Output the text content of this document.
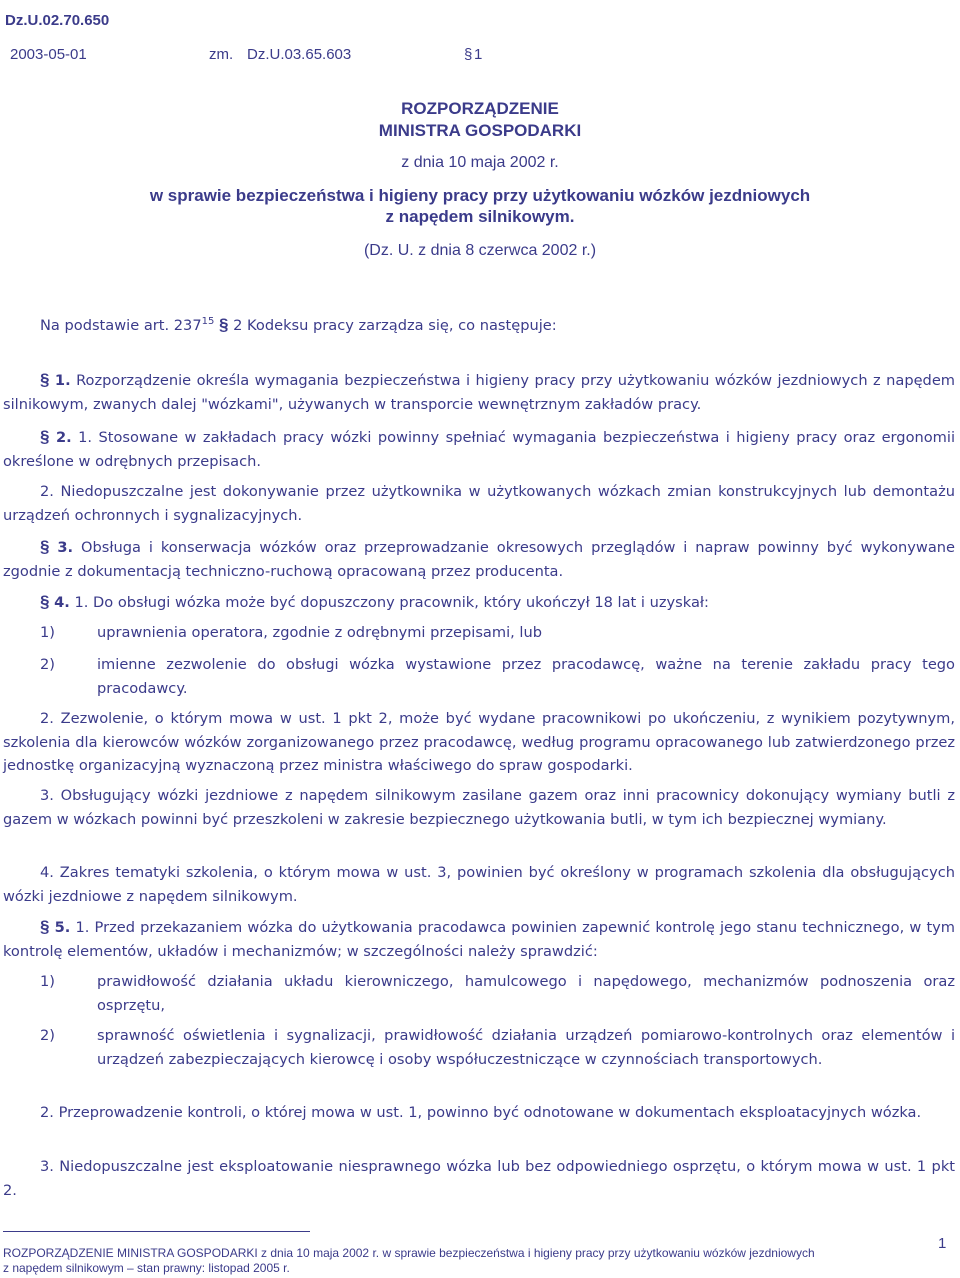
Dz.U.02.70.650
2003-05-01	zm. Dz.U.03.65.603	§ 1
ROZPORZĄDZENIE
MINISTRA GOSPODARKI
z dnia 10 maja 2002 r.
w sprawie bezpieczeństwa i higieny pracy przy użytkowaniu wózków jezdniowych
z napędem silnikowym.
(Dz. U. z dnia 8 czerwca 2002 r.)

Na podstawie art. $237^{15}$ § 2 Kodeksu pracy zarządza się, co następuje:

§ 1. Rozporządzenie określa wymagania bezpieczeństwa i higieny pracy przy użytkowaniu wózków jezdniowych z napędem silnikowym, zwanych dalej "wózkami", używanych w transporcie wewnętrznym zakładów pracy.

§ 2. 1. Stosowane w zakładach pracy wózki powinny spełniać wymagania bezpieczeństwa i higieny pracy oraz ergonomii określone w odrębnych przepisach.

2. Niedopuszczalne jest dokonywanie przez użytkownika w użytkowanych wózkach zmian konstrukcyjnych lub demontażu urządzeń ochronnych i sygnalizacyjnych.

§ 3. Obsługa i konserwacja wózków oraz przeprowadzanie okresowych przeglądów i napraw powinny być wykonywane zgodnie z dokumentacją techniczno-ruchową opracowaną przez producenta.

§ 4. 1. Do obsługi wózka może być dopuszczony pracownik, który ukończył 18 lat i uzyskał:

1)	uprawnienia operatora, zgodnie z odrębnymi przepisami, lub
2)	imienne zezwolenie do obsługi wózka wystawione przez pracodawcę, ważne na terenie zakładu pracy tego pracodawcy.

2. Zezwolenie, o którym mowa w ust. 1 pkt 2, może być wydane pracownikowi po ukończeniu, z wynikiem pozytywnym, szkolenia dla kierowców wózków zorganizowanego przez pracodawcę, według programu opracowanego lub zatwierdzonego przez jednostkę organizacyjną wyznaczoną przez ministra właściwego do spraw gospodarki.

3. Obsługujący wózki jezdniowe z napędem silnikowym zasilane gazem oraz inni pracownicy dokonujący wymiany butli z gazem w wózkach powinni być przeszkoleni w zakresie bezpiecznego użytkowania butli, w tym ich bezpiecznej wymiany.

4. Zakres tematyki szkolenia, o którym mowa w ust. 3, powinien być określony w programach szkolenia dla obsługujących wózki jezdniowe z napędem silnikowym.

§ 5. 1. Przed przekazaniem wózka do użytkowania pracodawca powinien zapewnić kontrolę jego stanu technicznego, w tym kontrolę elementów, układów i mechanizmów; w szczególności należy sprawdzić:

1)	prawidłowość działania układu kierowniczego, hamulcowego i napędowego, mechanizmów podnoszenia oraz osprzętu,
2)	sprawność oświetlenia i sygnalizacji, prawidłowość działania urządzeń pomiarowo-kontrolnych oraz elementów i urządzeń zabezpieczających kierowcę i osoby współuczestniczące w czynnościach transportowych.

2. Przeprowadzenie kontroli, o której mowa w ust. 1, powinno być odnotowane w dokumentach eksploatacyjnych wózka.

3. Niedopuszczalne jest eksploatowanie niesprawnego wózka lub bez odpowiedniego osprzętu, o którym mowa w ust. 1 pkt 2.

ROZPORZĄDZENIE MINISTRA GOSPODARKI z dnia 10 maja 2002 r. w sprawie bezpieczeństwa i higieny pracy przy użytkowaniu wózków jezdniowych
z napędem silnikowym – stan prawny: listopad 2005 r.
1
